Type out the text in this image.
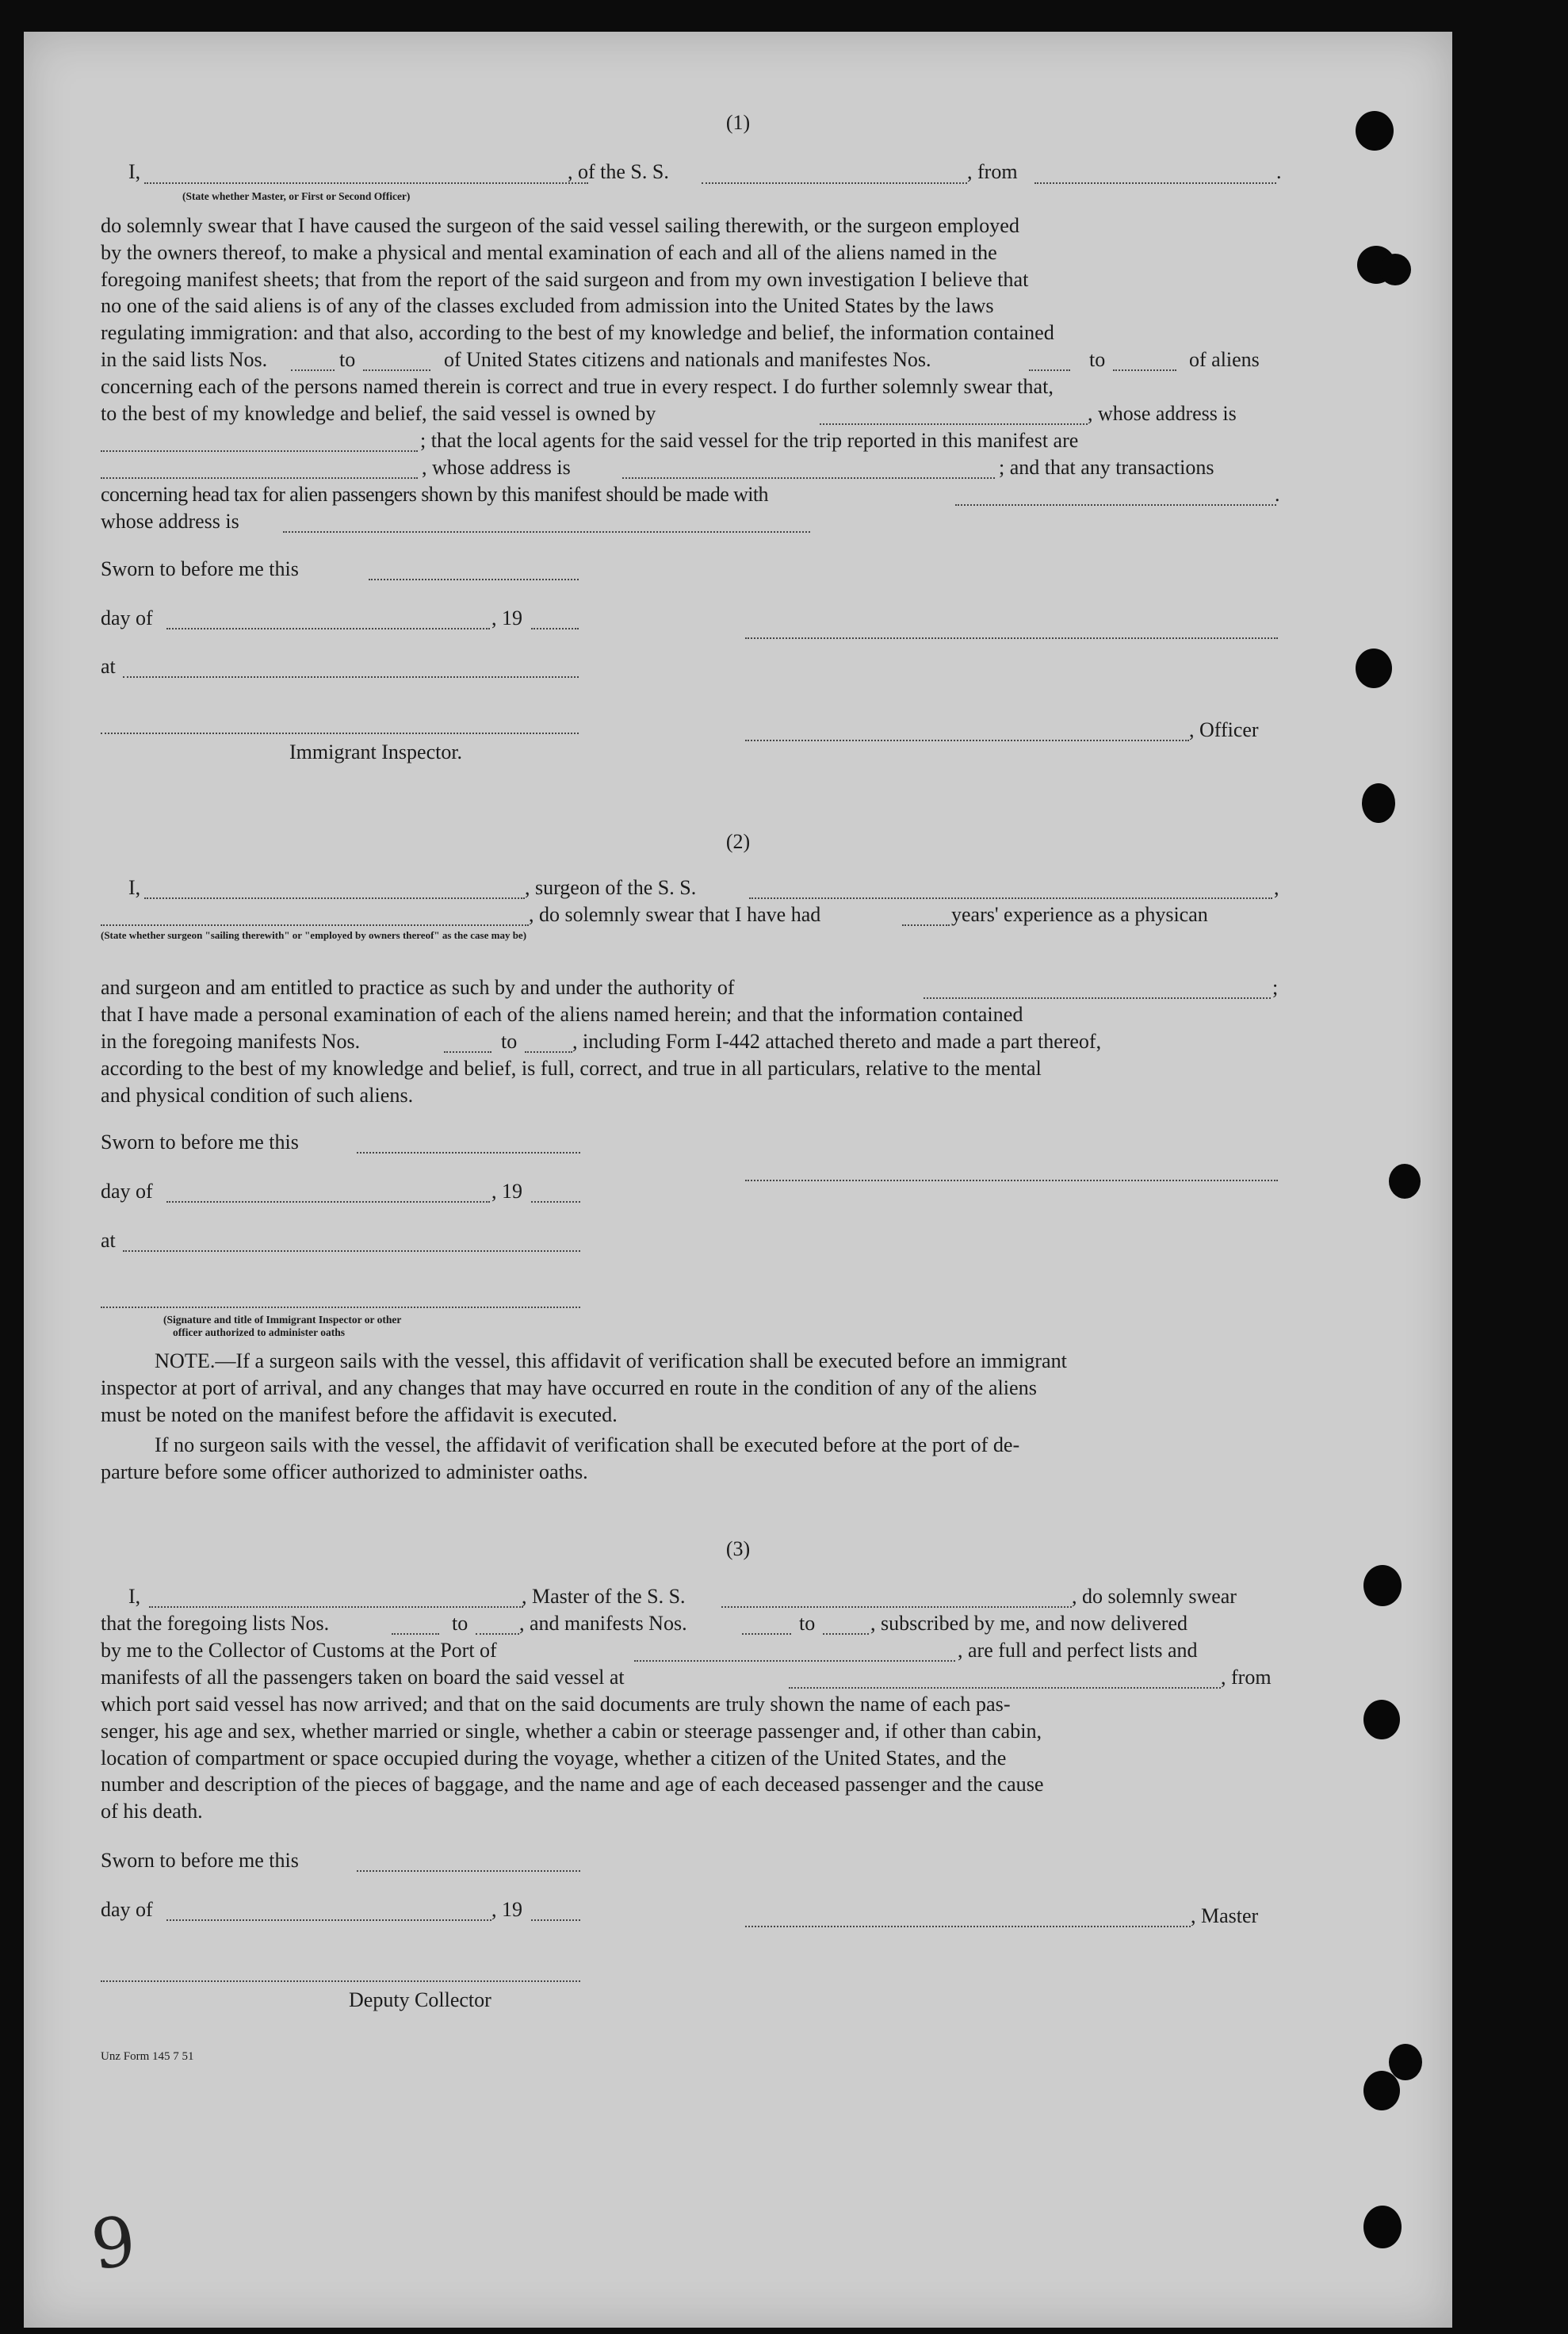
(1)
I,	, of the S. S.	, from	.
(State whether Master, or First or Second Officer)
do solemnly swear that I have caused the surgeon of the said vessel sailing therewith, or the surgeon employed
by the owners thereof, to make a physical and mental examination of each and all of the aliens named in the
foregoing manifest sheets; that from the report of the said surgeon and from my own investigation I believe that
no one of the said aliens is of any of the classes excluded from admission into the United States by the laws
regulating immigration: and that also, according to the best of my knowledge and belief, the information contained
in the said lists Nos.	to	of United States citizens and nationals and manifestes Nos.	to	of aliens
concerning each of the persons named therein is correct and true in every respect. I do further solemnly swear that,
to the best of my knowledge and belief, the said vessel is owned by	, whose address is
; that the local agents for the said vessel for the trip reported in this manifest are
, whose address is	; and that any transactions
concerning head tax for alien passengers shown by this manifest should be made with	.
whose address is
Sworn to before me this
day of	, 19
at
, Officer
Immigrant Inspector.
(2)
I,	, surgeon of the S. S.	,
, do solemnly swear that I have had	years' experience as a physican
(State whether surgeon "sailing therewith" or "employed by owners thereof" as the case may be)
and surgeon and am entitled to practice as such by and under the authority of	;
that I have made a personal examination of each of the aliens named herein; and that the information contained
in the foregoing manifests Nos.	to	, including Form I-442 attached thereto and made a part thereof,
according to the best of my knowledge and belief, is full, correct, and true in all particulars, relative to the mental
and physical condition of such aliens.
Sworn to before me this
day of	, 19
at
(Signature and title of Immigrant Inspector or other
officer authorized to administer oaths
NOTE.—If a surgeon sails with the vessel, this affidavit of verification shall be executed before an immigrant
inspector at port of arrival, and any changes that may have occurred en route in the condition of any of the aliens
must be noted on the manifest before the affidavit is executed.
If no surgeon sails with the vessel, the affidavit of verification shall be executed before at the port of de-
parture before some officer authorized to administer oaths.
(3)
I,	, Master of the S. S.	, do solemnly swear
that the foregoing lists Nos.	to , and manifests Nos.	to	, subscribed by me, and now delivered
by me to the Collector of Customs at the Port of	, are full and perfect lists and
manifests of all the passengers taken on board the said vessel at	, from
which port said vessel has now arrived; and that on the said documents are truly shown the name of each pas-
senger, his age and sex, whether married or single, whether a cabin or steerage passenger and, if other than cabin,
location of compartment or space occupied during the voyage, whether a citizen of the United States, and the
number and description of the pieces of baggage, and the name and age of each deceased passenger and the cause
of his death.
Sworn to before me this
day of	, 19	, Master
Deputy Collector
Unz Form 145 7 51
9
